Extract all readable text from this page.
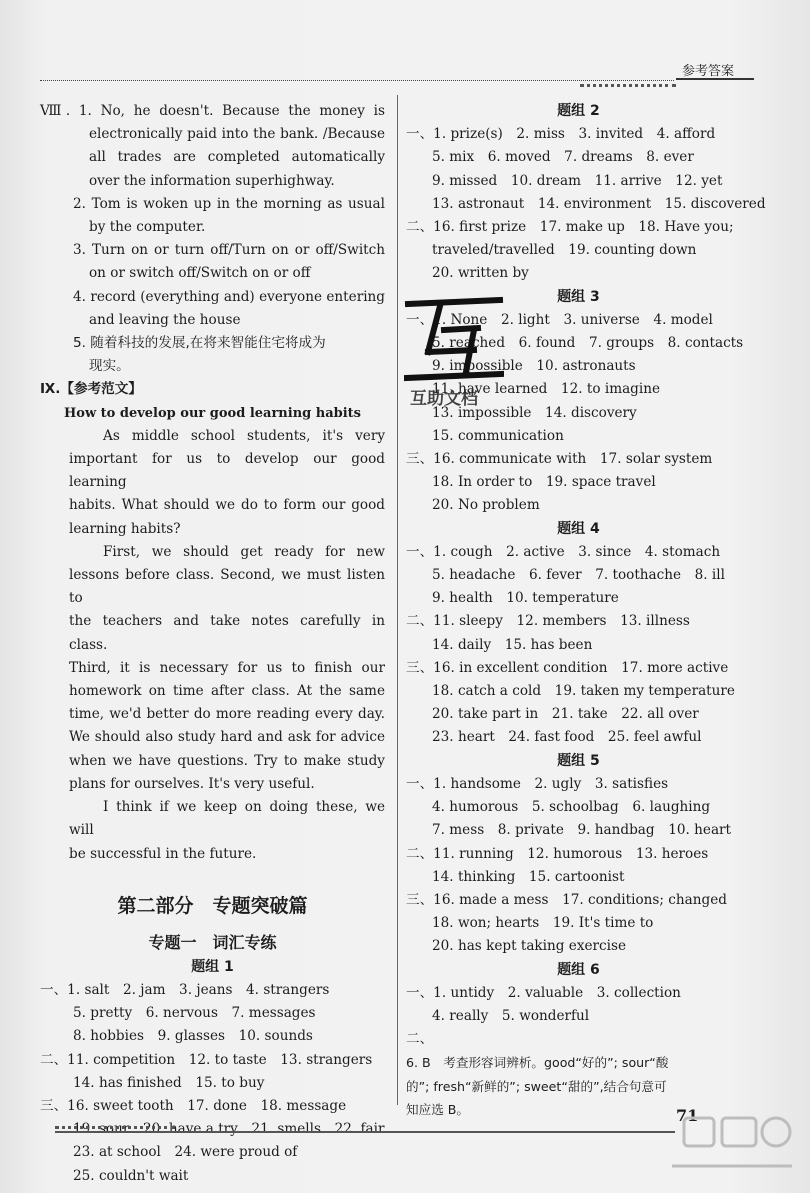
参考答案
Ⅷ. 1. No, he doesn't. Because the money is
electronically paid into the bank. /Because
all trades are completed automatically
over the information superhighway.
2. Tom is woken up in the morning as usual
by the computer.
3. Turn on or turn off/Turn on or off/Switch
on or switch off/Switch on or off
4. record (everything and) everyone entering
and leaving the house
5. 随着科技的发展,在将来智能住宅将成为
现实。
Ⅸ.【参考范文】
How to develop our good learning habits
As middle school students, it's very
important for us to develop our good learning
habits. What should we do to form our good
learning habits?
First, we should get ready for new
lessons before class. Second, we must listen to
the teachers and take notes carefully in class.
Third, it is necessary for us to finish our
homework on time after class. At the same
time, we'd better do more reading every day.
We should also study hard and ask for advice
when we have questions. Try to make study
plans for ourselves. It's very useful.
I think if we keep on doing these, we will
be successful in the future.
第二部分　专题突破篇
专题一　词汇专练
题组 1
一、1. salt　2. jam　3. jeans　4. strangers
5. pretty　6. nervous　7. messages
8. hobbies　9. glasses　10. sounds
二、11. competition　12. to taste　13. strangers
14. has finished　15. to buy
三、16. sweet tooth　17. done　18. message
19. sour　20. have a try　21. smells　22. fair
23. at school　24. were proud of
25. couldn't wait
题组 2
一、1. prize(s)　2. miss　3. invited　4. afford
5. mix　6. moved　7. dreams　8. ever
9. missed　10. dream　11. arrive　12. yet
13. astronaut　14. environment　15. discovered
二、16. first prize　17. make up　18. Have you;
traveled/travelled　19. counting down
20. written by
题组 3
一、1. None　2. light　3. universe　4. model
5. reached　6. found　7. groups　8. contacts
9. impossible　10. astronauts
11. have learned　12. to imagine
13. impossible　14. discovery
15. communication
三、16. communicate with　17. solar system
18. In order to　19. space travel
20. No problem
题组 4
一、1. cough　2. active　3. since　4. stomach
5. headache　6. fever　7. toothache　8. ill
9. health　10. temperature
二、11. sleepy　12. members　13. illness
14. daily　15. has been
三、16. in excellent condition　17. more active
18. catch a cold　19. taken my temperature
20. take part in　21. take　22. all over
23. heart　24. fast food　25. feel awful
题组 5
一、1. handsome　2. ugly　3. satisfies
4. humorous　5. schoolbag　6. laughing
7. mess　8. private　9. handbag　10. heart
二、11. running　12. humorous　13. heroes
14. thinking　15. cartoonist
三、16. made a mess　17. conditions; changed
18. won; hearts　19. It's time to
20. has kept taking exercise
题组 6
一、1. untidy　2. valuable　3. collection
4. really　5. wonderful
二、
6. B　考查形容词辨析。good“好的”; sour“酸
的”; fresh“新鲜的”; sweet“甜的”,结合句意可
知应选 B。
互助文档
71
